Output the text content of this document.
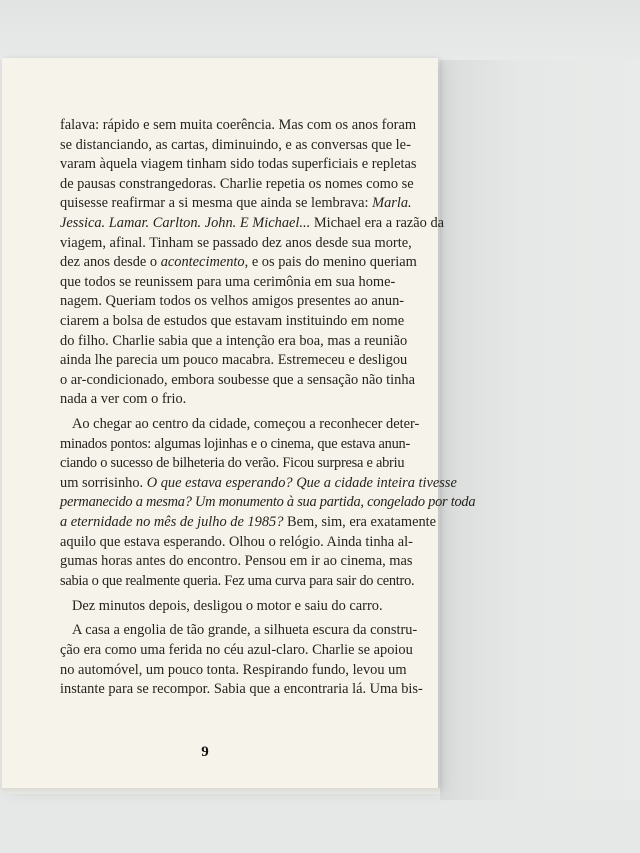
falava: rápido e sem muita coerência. Mas com os anos foram
se distanciando, as cartas, diminuindo, e as conversas que le-
varam àquela viagem tinham sido todas superficiais e repletas
de pausas constrangedoras. Charlie repetia os nomes como se
quisesse reafirmar a si mesma que ainda se lembrava: Marla.
Jessica. Lamar. Carlton. John. E Michael... Michael era a razão da
viagem, afinal. Tinham se passado dez anos desde sua morte,
dez anos desde o acontecimento, e os pais do menino queriam
que todos se reunissem para uma cerimônia em sua home-
nagem. Queriam todos os velhos amigos presentes ao anun-
ciarem a bolsa de estudos que estavam instituindo em nome
do filho. Charlie sabia que a intenção era boa, mas a reunião
ainda lhe parecia um pouco macabra. Estremeceu e desligou
o ar-condicionado, embora soubesse que a sensação não tinha
nada a ver com o frio.
Ao chegar ao centro da cidade, começou a reconhecer deter-
minados pontos: algumas lojinhas e o cinema, que estava anun-
ciando o sucesso de bilheteria do verão. Ficou surpresa e abriu
um sorrisinho. O que estava esperando? Que a cidade inteira tivesse
permanecido a mesma? Um monumento à sua partida, congelado por toda
a eternidade no mês de julho de 1985? Bem, sim, era exatamente
aquilo que estava esperando. Olhou o relógio. Ainda tinha al-
gumas horas antes do encontro. Pensou em ir ao cinema, mas
sabia o que realmente queria. Fez uma curva para sair do centro.
Dez minutos depois, desligou o motor e saiu do carro.
A casa a engolia de tão grande, a silhueta escura da constru-
ção era como uma ferida no céu azul-claro. Charlie se apoiou
no automóvel, um pouco tonta. Respirando fundo, levou um
instante para se recompor. Sabia que a encontraria lá. Uma bis-
9
